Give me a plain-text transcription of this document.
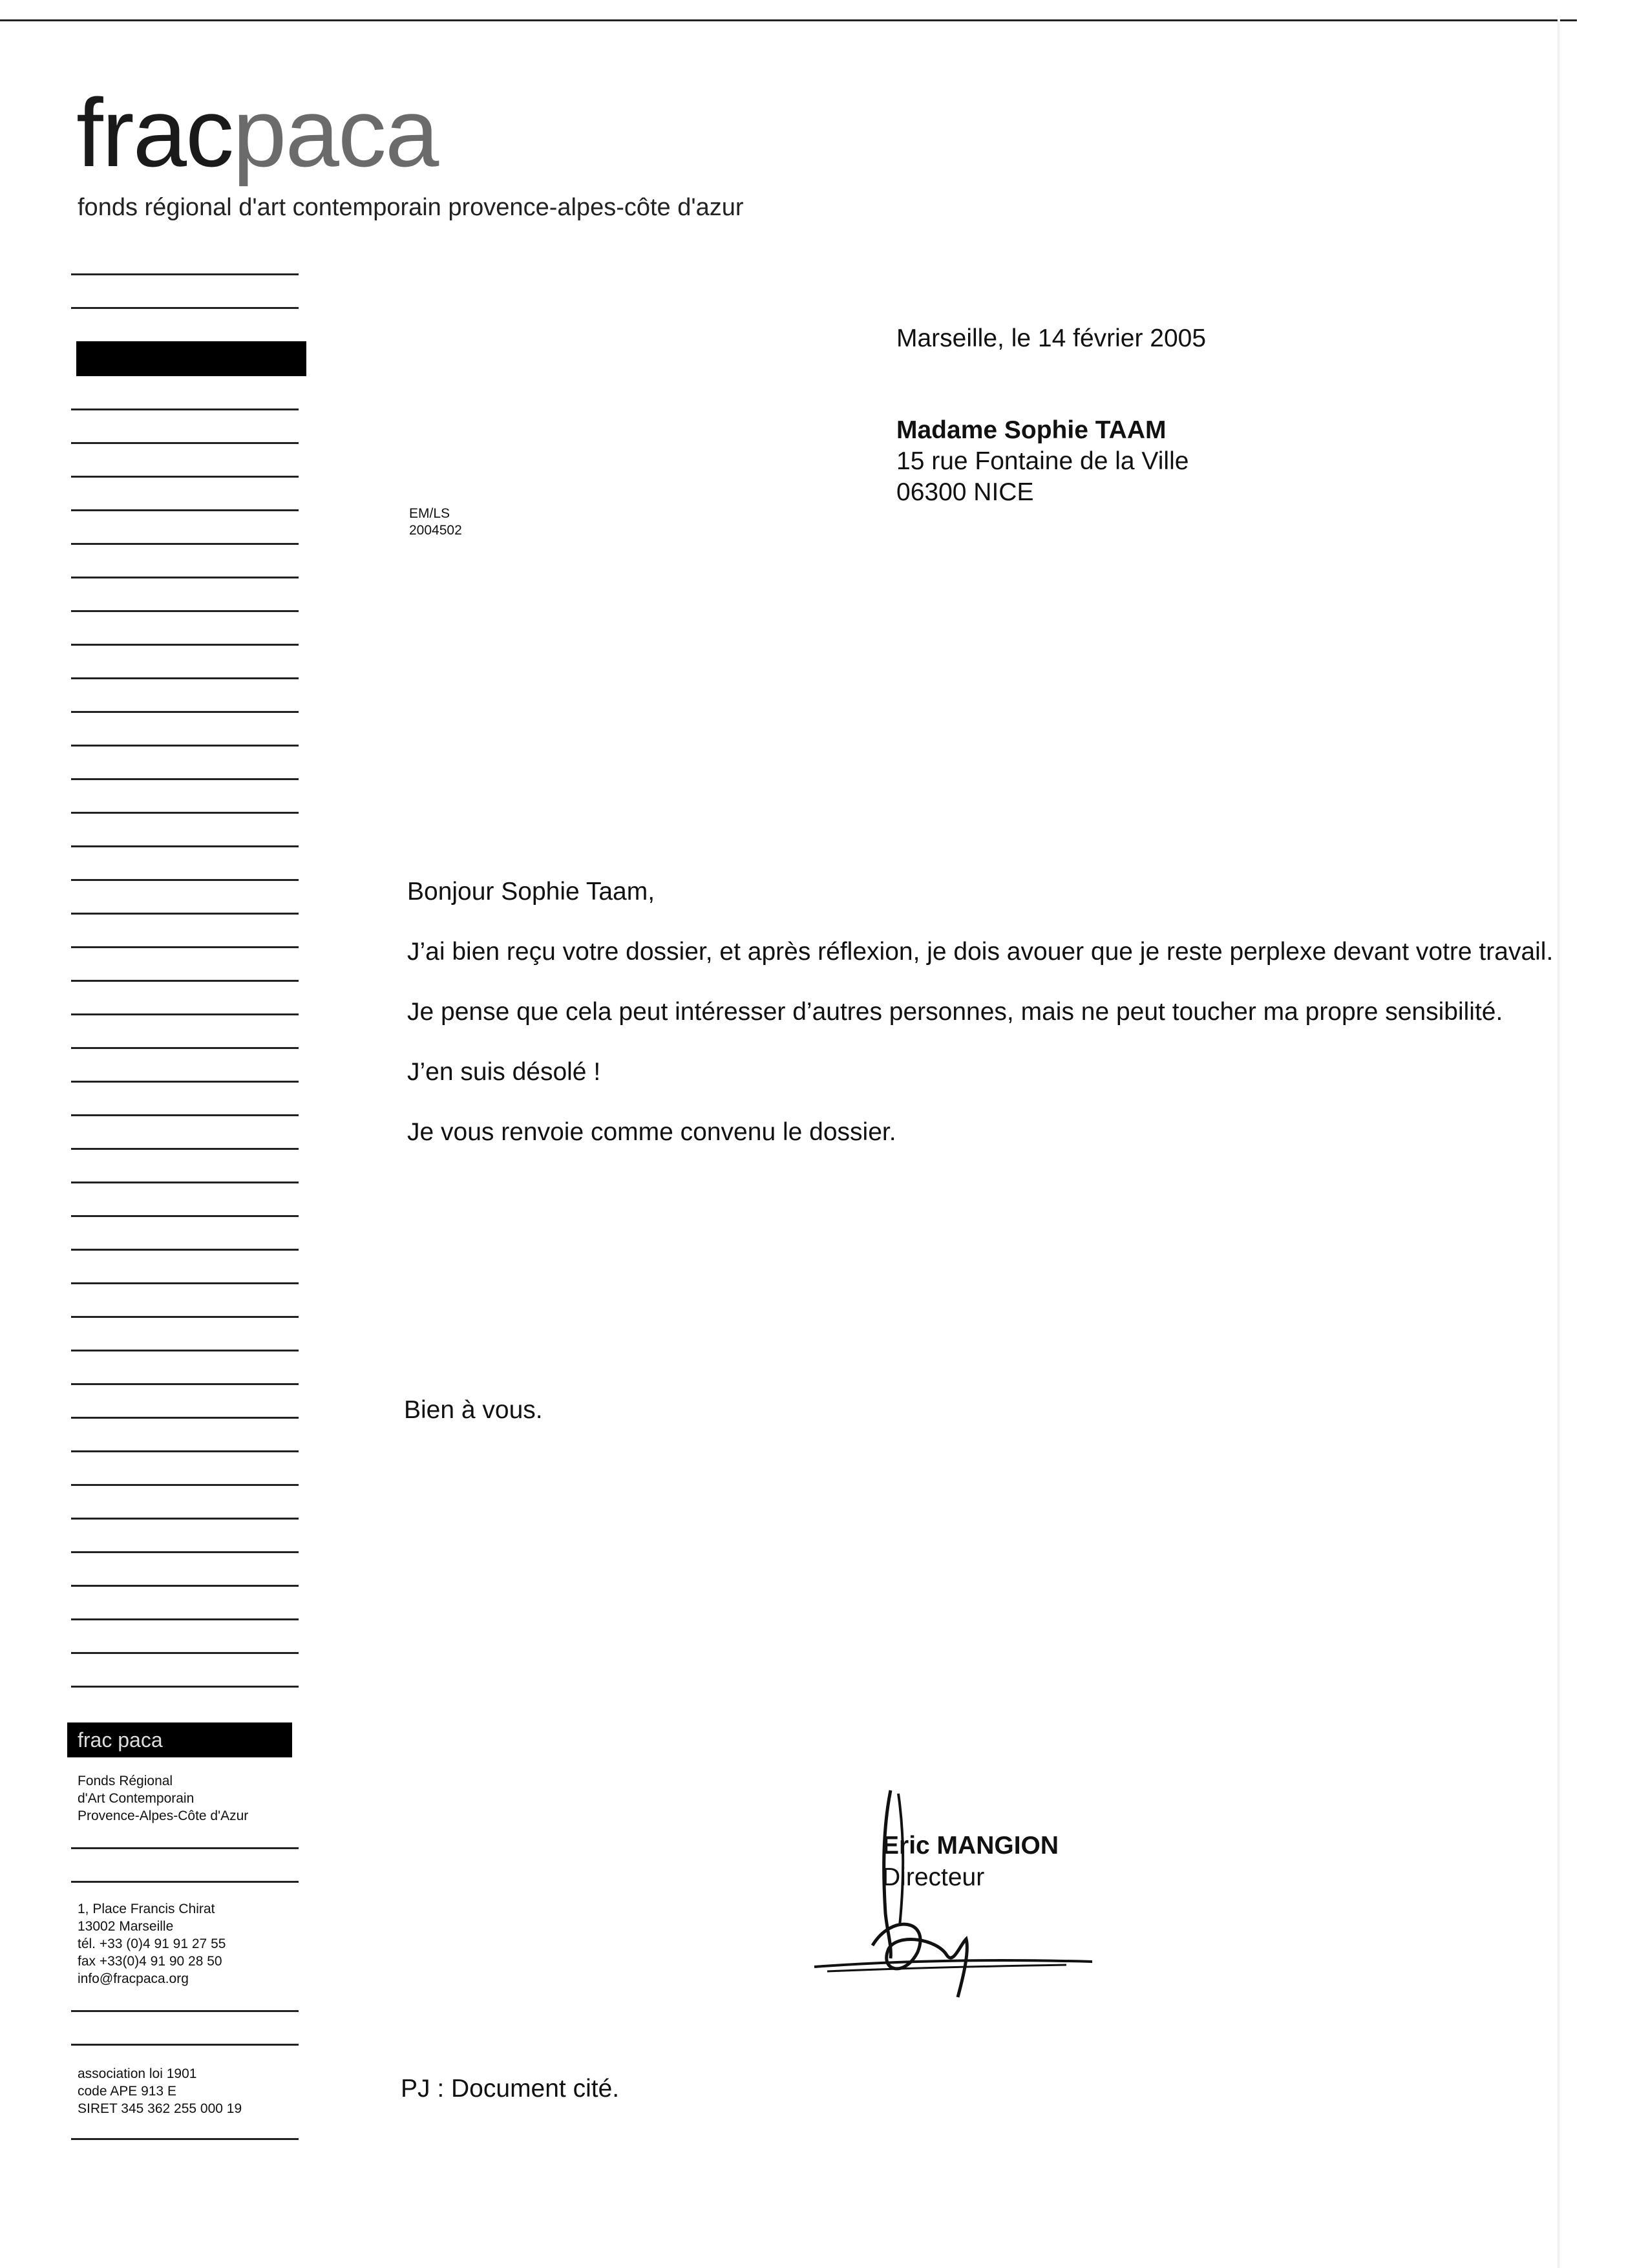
fracpaca
fonds régional d'art contemporain provence-alpes-côte d'azur
frac paca
Fonds Régional
d'Art Contemporain
Provence-Alpes-Côte d'Azur
1, Place Francis Chirat
13002 Marseille
tél. +33 (0)4 91 91 27 55
fax +33(0)4 91 90 28 50
info@fracpaca.org
association loi 1901
code APE 913 E
SIRET 345 362 255 000 19
EM/LS
2004502
Marseille, le 14 février 2005
Madame Sophie TAAM
15 rue Fontaine de la Ville
06300 NICE

Bonjour Sophie Taam,

J’ai bien reçu votre dossier, et après réflexion, je dois avouer que je reste perplexe devant votre travail.

Je pense que cela peut intéresser d’autres personnes, mais ne peut toucher ma propre sensibilité.

J’en suis désolé !

Je vous renvoie comme convenu le dossier.

Bien à vous.
Eric MANGION
Directeur
PJ : Document cité.
